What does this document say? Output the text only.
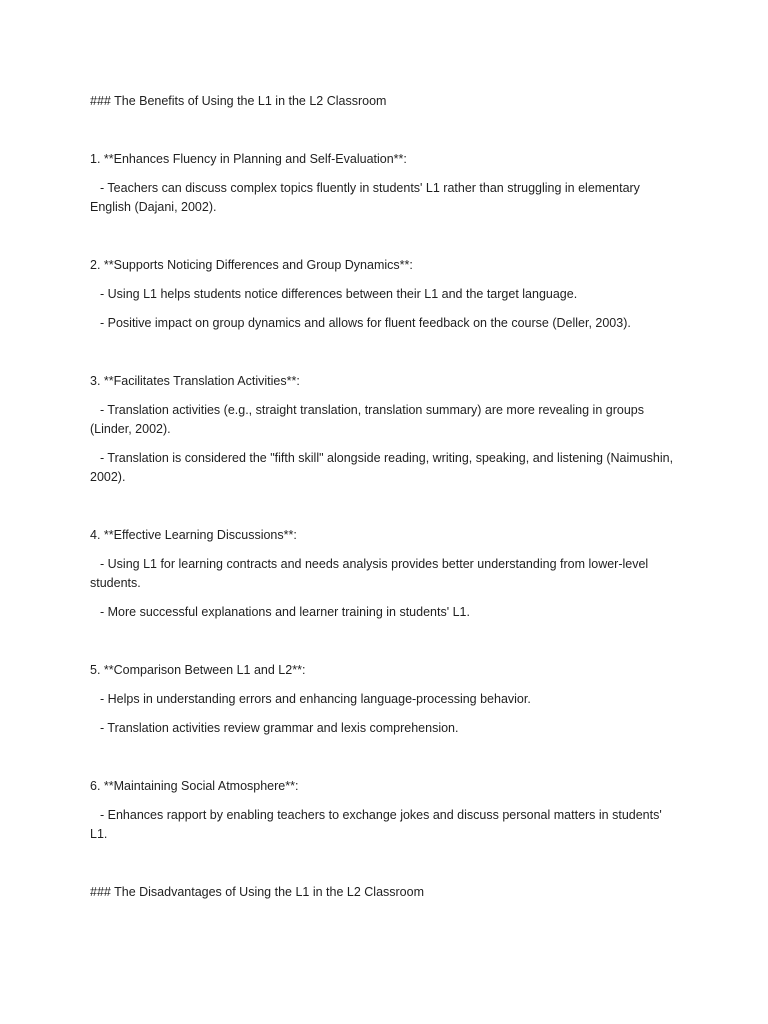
### The Benefits of Using the L1 in the L2 Classroom

1. **Enhances Fluency in Planning and Self-Evaluation**:

- Teachers can discuss complex topics fluently in students' L1 rather than struggling in elementary English (Dajani, 2002).

2. **Supports Noticing Differences and Group Dynamics**:

- Using L1 helps students notice differences between their L1 and the target language.

- Positive impact on group dynamics and allows for fluent feedback on the course (Deller, 2003).

3. **Facilitates Translation Activities**:

- Translation activities (e.g., straight translation, translation summary) are more revealing in groups (Linder, 2002).

- Translation is considered the "fifth skill" alongside reading, writing, speaking, and listening (Naimushin, 2002).

4. **Effective Learning Discussions**:

- Using L1 for learning contracts and needs analysis provides better understanding from lower-level students.

- More successful explanations and learner training in students' L1.

5. **Comparison Between L1 and L2**:

- Helps in understanding errors and enhancing language-processing behavior.

- Translation activities review grammar and lexis comprehension.

6. **Maintaining Social Atmosphere**:

- Enhances rapport by enabling teachers to exchange jokes and discuss personal matters in students' L1.

### The Disadvantages of Using the L1 in the L2 Classroom
